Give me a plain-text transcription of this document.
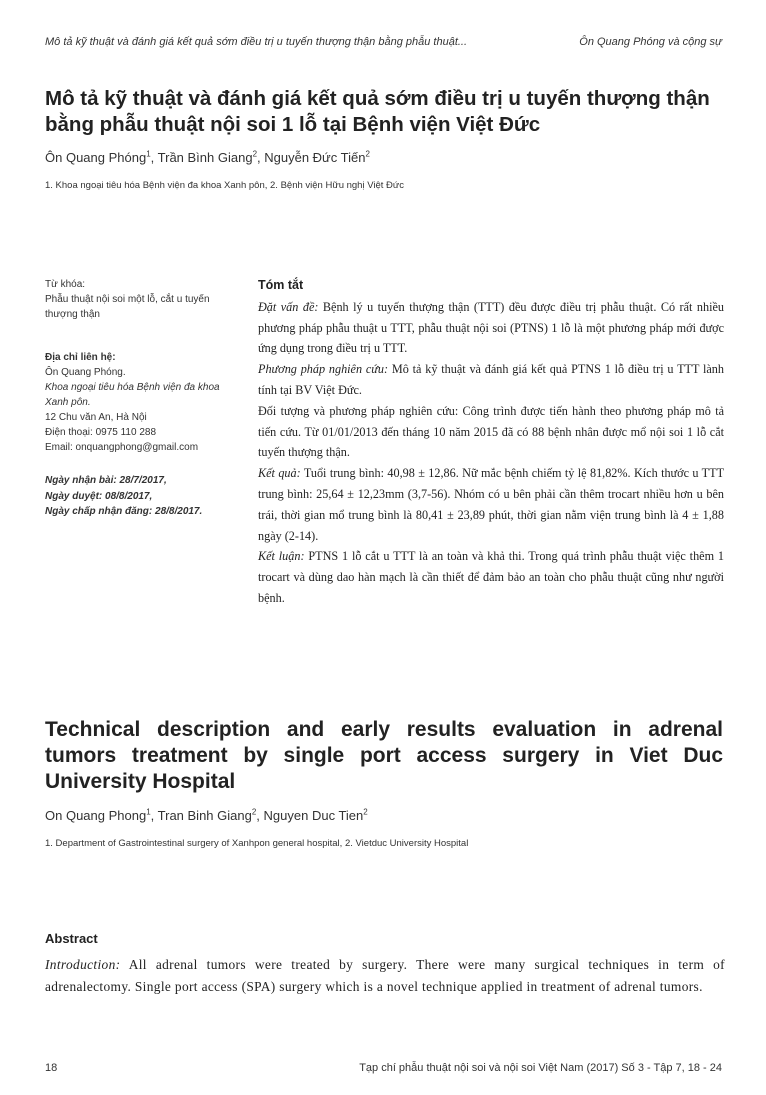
Mô tả kỹ thuật và đánh giá kết quả sớm điều trị u tuyến thượng thận bằng phẫu thuật...	Ôn Quang Phóng và cộng sự
Mô tả kỹ thuật và đánh giá kết quả sớm điều trị u tuyến thượng thận
bằng phẫu thuật nội soi 1 lỗ tại Bệnh viện Việt Đức
Ôn Quang Phóng$^1$, Trần Bình Giang$^2$, Nguyễn Đức Tiến$^2$
1. Khoa ngoại tiêu hóa Bệnh viện đa khoa Xanh pôn, 2. Bệnh viện Hữu nghị Việt Đức
Từ khóa:
Phẫu thuật nội soi một lỗ, cắt u tuyến thượng thận
Địa chỉ liên hệ:
Ôn Quang Phóng.
Khoa ngoại tiêu hóa Bệnh viện đa khoa Xanh pôn.
12 Chu văn An, Hà Nội
Điện thoại: 0975 110 288
Email: onquangphong@gmail.com
Ngày nhận bài: 28/7/2017,
Ngày duyệt: 08/8/2017,
Ngày chấp nhận đăng: 28/8/2017.
Tóm tắt

Đặt vấn đề: Bệnh lý u tuyến thượng thận (TTT) đều được điều trị phẫu thuật. Có rất nhiều phương pháp phẫu thuật u TTT, phẫu thuật nội soi (PTNS) 1 lỗ là một phương pháp mới được ứng dụng trong điều trị u TTT.

Phương pháp nghiên cứu: Mô tả kỹ thuật và đánh giá kết quả PTNS 1 lỗ điều trị u TTT lành tính tại BV Việt Đức.

Đối tượng và phương pháp nghiên cứu: Công trình được tiến hành theo phương pháp mô tả tiến cứu. Từ 01/01/2013 đến tháng 10 năm 2015 đã có 88 bệnh nhân được mổ nội soi 1 lỗ cắt tuyến thượng thận.

Kết quả: Tuổi trung bình: 40,98 ± 12,86. Nữ mắc bệnh chiếm tỷ lệ 81,82%. Kích thước u TTT trung bình: 25,64 ± 12,23mm (3,7-56). Nhóm có u bên phải cần thêm trocart nhiều hơn u bên trái, thời gian mổ trung bình là 80,41 ± 23,89 phút, thời gian nằm viện trung bình là 4 ± 1,88 ngày (2-14).

Kết luận: PTNS 1 lỗ cắt u TTT là an toàn và khả thi. Trong quá trình phẫu thuật việc thêm 1 trocart và dùng dao hàn mạch là cần thiết để đảm bảo an toàn cho phẫu thuật cũng như người bệnh.

Technical description and early results evaluation in adrenal tumors treatment by single port access surgery in Viet Duc University Hospital
On Quang Phong$^1$, Tran Binh Giang$^2$, Nguyen Duc Tien$^2$
1. Department of Gastrointestinal surgery of Xanhpon general hospital, 2. Vietduc University Hospital
Abstract

Introduction: All adrenal tumors were treated by surgery. There were many surgical techniques in term of adrenalectomy. Single port access (SPA) surgery which is a novel technique applied in treatment of adrenal tumors.

18	Tạp chí phẫu thuật nội soi và nội soi Việt Nam (2017) Số 3 - Tập 7, 18 - 24
